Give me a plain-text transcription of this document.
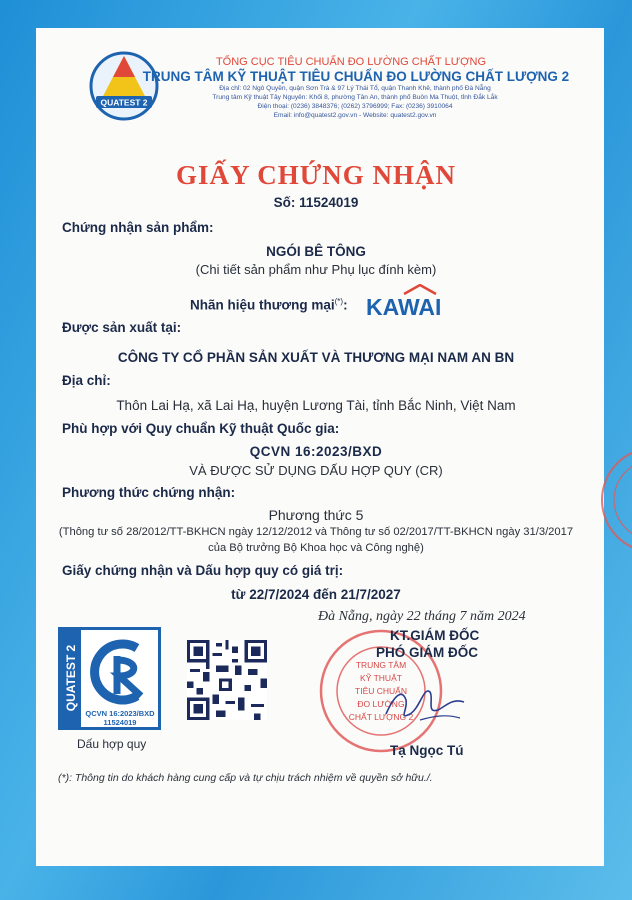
QUATEST 2
TỔNG CỤC TIÊU CHUẨN ĐO LƯỜNG CHẤT LƯỢNG
TRUNG TÂM KỸ THUẬT TIÊU CHUẨN ĐO LƯỜNG CHẤT LƯỢNG 2
Địa chỉ: 02 Ngô Quyền, quận Sơn Trà & 97 Lý Thái Tổ, quận Thanh Khê, thành phố Đà Nẵng
Trung tâm Kỹ thuật Tây Nguyên: Khối 8, phường Tân An, thành phố Buôn Ma Thuột, tỉnh Đắk Lắk
Điện thoại: (0236) 3848376; (0262) 3796999; Fax: (0236) 3910064
Email: info@quatest2.gov.vn - Website: quatest2.gov.vn
GIẤY CHỨNG NHẬN
Số: 11524019
Chứng nhận sản phẩm:
NGÓI BÊ TÔNG
(Chi tiết sản phẩm như Phụ lục đính kèm)
Nhãn hiệu thương mại(*): KAWAI
Được sản xuất tại:
CÔNG TY CỔ PHẦN SẢN XUẤT VÀ THƯƠNG MẠI NAM AN BN
Địa chỉ:
Thôn Lai Hạ, xã Lai Hạ, huyện Lương Tài, tỉnh Bắc Ninh, Việt Nam
Phù hợp với Quy chuẩn Kỹ thuật Quốc gia:
QCVN 16:2023/BXD
VÀ ĐƯỢC SỬ DỤNG DẤU HỢP QUY (CR)
Phương thức chứng nhận:
Phương thức 5
(Thông tư số 28/2012/TT-BKHCN ngày 12/12/2012 và Thông tư số 02/2017/TT-BKHCN ngày 31/3/2017
của Bộ trưởng Bộ Khoa học và Công nghệ)
Giấy chứng nhận và Dấu hợp quy có giá trị:
từ 22/7/2024 đến 21/7/2027
Đà Nẵng, ngày 22 tháng 7 năm 2024
TRUNG TÂM
KỸ THUẬT
TIÊU CHUẨN
ĐO LƯỜNG
CHẤT LƯỢNG 2
KT.GIÁM ĐỐC
PHÓ GIÁM ĐỐC
Tạ Ngọc Tú
QUATEST 2
QCVN 16:2023/BXD
11524019
Dấu hợp quy
(*): Thông tin do khách hàng cung cấp và tự chịu trách nhiệm về quyền sở hữu./.
